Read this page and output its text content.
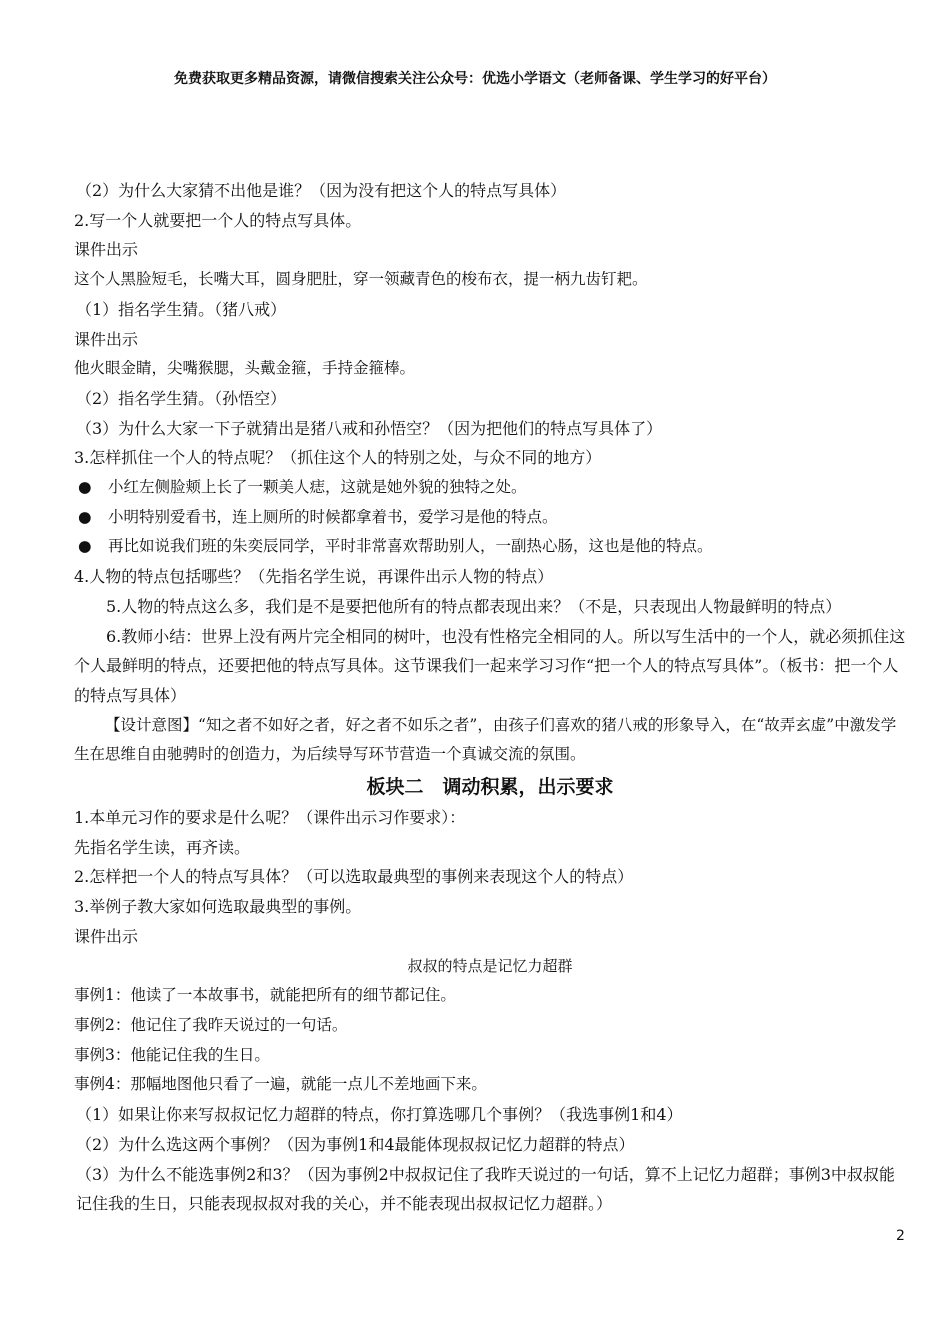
免费获取更多精品资源，请微信搜索关注公众号：优选小学语文（老师备课、学生学习的好平台）

（2）为什么大家猜不出他是谁？（因为没有把这个人的特点写具体）

2.写一个人就要把一个人的特点写具体。

课件出示

这个人黑脸短毛，长嘴大耳，圆身肥肚，穿一领藏青色的梭布衣，提一柄九齿钉耙。

（1）指名学生猜。（猪八戒）

课件出示

他火眼金睛，尖嘴猴腮，头戴金箍，手持金箍棒。

（2）指名学生猜。（孙悟空）

（3）为什么大家一下子就猜出是猪八戒和孙悟空？（因为把他们的特点写具体了）

3.怎样抓住一个人的特点呢？（抓住这个人的特别之处，与众不同的地方）

● 小红左侧脸颊上长了一颗美人痣，这就是她外貌的独特之处。

● 小明特别爱看书，连上厕所的时候都拿着书，爱学习是他的特点。

● 再比如说我们班的朱奕辰同学，平时非常喜欢帮助别人，一副热心肠，这也是他的特点。

4.人物的特点包括哪些？（先指名学生说，再课件出示人物的特点）

5.人物的特点这么多，我们是不是要把他所有的特点都表现出来？（不是，只表现出人物最鲜明的特点）

6.教师小结：世界上没有两片完全相同的树叶，也没有性格完全相同的人。所以写生活中的一个人，就必须抓住这个人最鲜明的特点，还要把他的特点写具体。这节课我们一起来学习习作“把一个人的特点写具体”。（板书：把一个人的特点写具体）

【设计意图】“知之者不如好之者，好之者不如乐之者”，由孩子们喜欢的猪八戒的形象导入，在“故弄玄虚”中激发学生在思维自由驰骋时的创造力，为后续导写环节营造一个真诚交流的氛围。

板块二　调动积累，出示要求

1.本单元习作的要求是什么呢？（课件出示习作要求）：

先指名学生读，再齐读。

2.怎样把一个人的特点写具体？（可以选取最典型的事例来表现这个人的特点）

3.举例子教大家如何选取最典型的事例。

课件出示

叔叔的特点是记忆力超群

事例1：他读了一本故事书，就能把所有的细节都记住。

事例2：他记住了我昨天说过的一句话。

事例3：他能记住我的生日。

事例4：那幅地图他只看了一遍，就能一点儿不差地画下来。

（1）如果让你来写叔叔记忆力超群的特点，你打算选哪几个事例？（我选事例1和4）

（2）为什么选这两个事例？（因为事例1和4最能体现叔叔记忆力超群的特点）

（3）为什么不能选事例2和3？（因为事例2中叔叔记住了我昨天说过的一句话，算不上记忆力超群；事例3中叔叔能记住我的生日，只能表现叔叔对我的关心，并不能表现出叔叔记忆力超群。）

2
